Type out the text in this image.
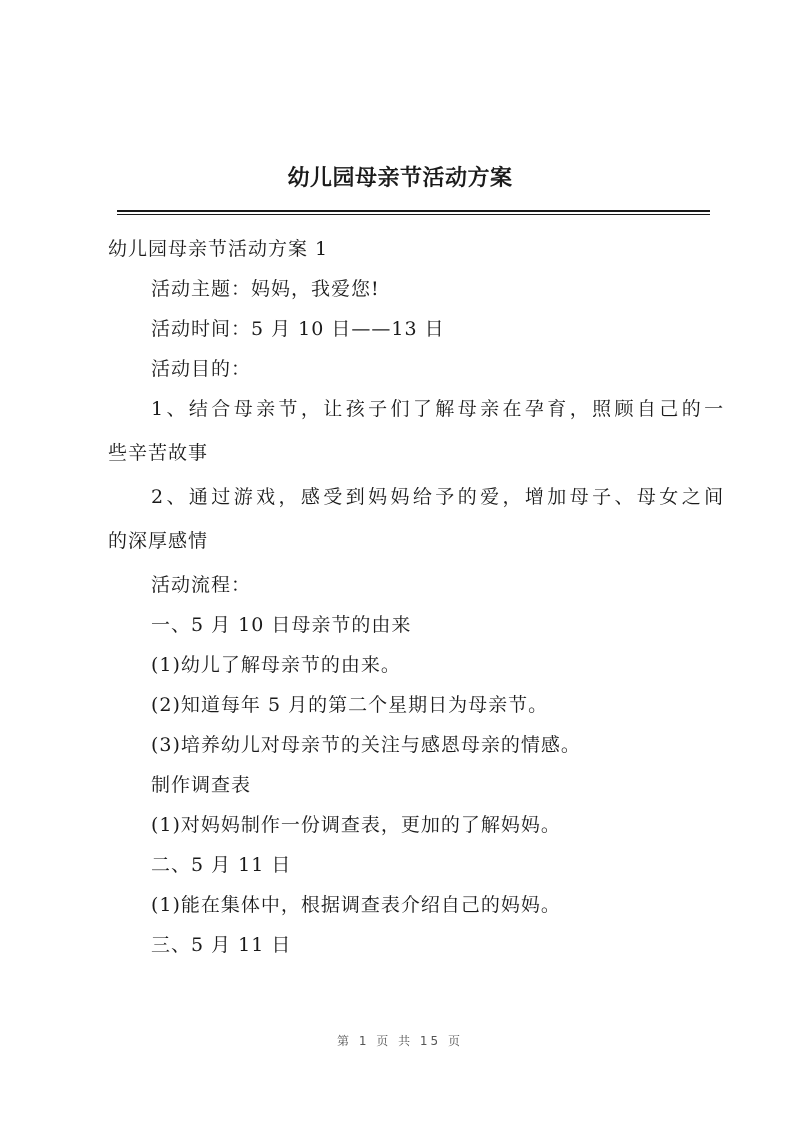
幼儿园母亲节活动方案
幼儿园母亲节活动方案 1
活动主题：妈妈，我爱您!
活动时间：5 月 10 日——13 日
活动目的：
1、结合母亲节，让孩子们了解母亲在孕育，照顾自己的一
些辛苦故事
2、通过游戏，感受到妈妈给予的爱，增加母子、母女之间
的深厚感情
活动流程：
一、5 月 10 日母亲节的由来
(1)幼儿了解母亲节的由来。
(2)知道每年 5 月的第二个星期日为母亲节。
(3)培养幼儿对母亲节的关注与感恩母亲的情感。
制作调查表
(1)对妈妈制作一份调查表，更加的了解妈妈。
二、5 月 11 日
(1)能在集体中，根据调查表介绍自己的妈妈。
三、5 月 11 日
第 1 页 共 15 页
